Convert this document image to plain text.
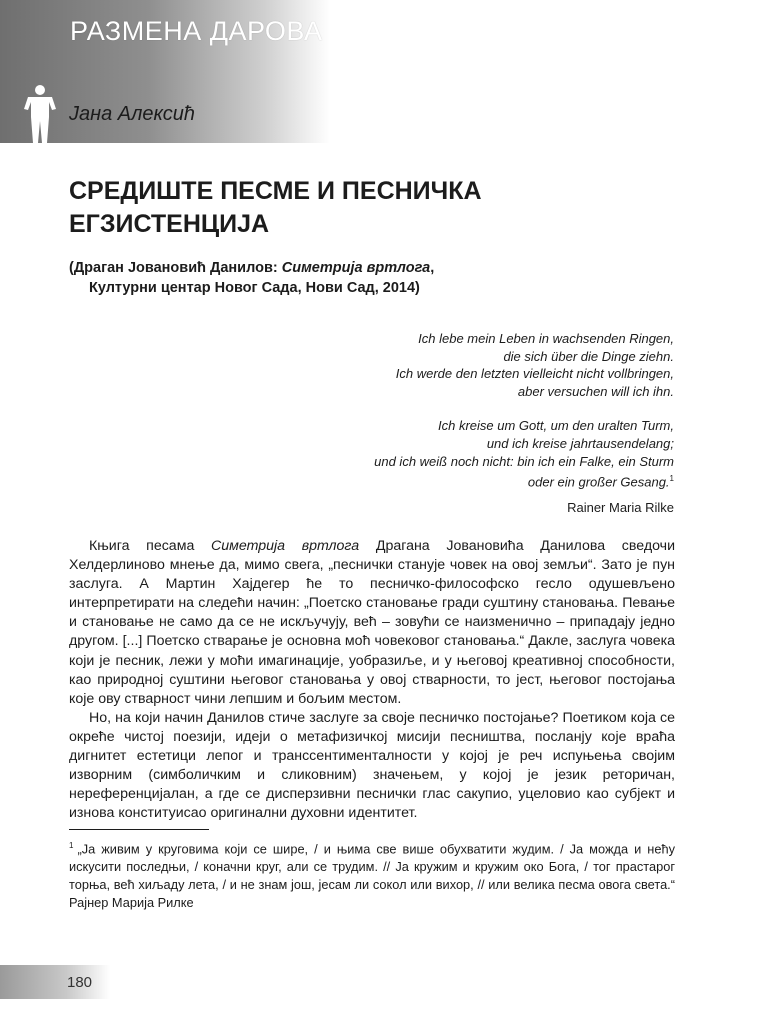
РАЗМЕНА ДАРОВА
Јана Алексић
СРЕДИШТЕ ПЕСМЕ И ПЕСНИЧКА
ЕГЗИСТЕНЦИЈА
(Драган Јовановић Данилов: Симетрија вртлога,
Културни центар Новог Сада, Нови Сад, 2014)
Ich lebe mein Leben in wachsenden Ringen,
die sich über die Dinge ziehn.
Ich werde den letzten vielleicht nicht vollbringen,
aber versuchen will ich ihn.
Ich kreise um Gott, um den uralten Turm,
und ich kreise jahrtausendelang;
und ich weiß noch nicht: bin ich ein Falke, ein Sturm
oder ein großer Gesang.$^1$
Rainer Maria Rilke

Књига песама Симетрија вртлога Драгана Јовановића Данилова сведочи Хелдерлиново мнење да, мимо свега, „песнички станује човек на овој земљи“. Зато је пун заслуга. А Мартин Хајдегер ће то песничко-философско гесло одушевљено интерпретирати на следећи начин: „Поетско становање гради суштину становања. Певање и становање не само да се не искључују, већ – зовући се наизменично – припадају једно другом. [...] Поетско стварање је основна моћ човековог становања.“ Дакле, заслуга човека који је песник, лежи у моћи имагинације, уобразиље, и у његовој креативној способности, као природној суштини његовог становања у овој стварности, то јест, његовог постојања које ову стварност чини лепшим и бољим местом.

Но, на који начин Данилов стиче заслуге за своје песничко постојање? Поетиком која се окреће чистој поезији, идеји о метафизичкој мисији песништва, посланју које враћа дигнитет естетици лепог и транссентименталности у којој је реч испуњења својим изворним (симболичким и сликовним) значењем, у којој је језик реторичан, нереференцијалан, а где се дисперзивни песнички глас сакупио, уцеловио као субјект и изнова конституисао оригинални духовни идентитет.

$^1$ „Ја живим у круговима који се шире, / и њима све више обухватити жудим. / Ја можда и нећу искусити последњи, / коначни круг, али се трудим. // Ја кружим и кружим око Бога, / тог прастарог торња, већ хиљаду лета, / и не знам још, јесам ли сокол или вихор, // или велика песма овога света.“ Рајнер Марија Рилке
180
